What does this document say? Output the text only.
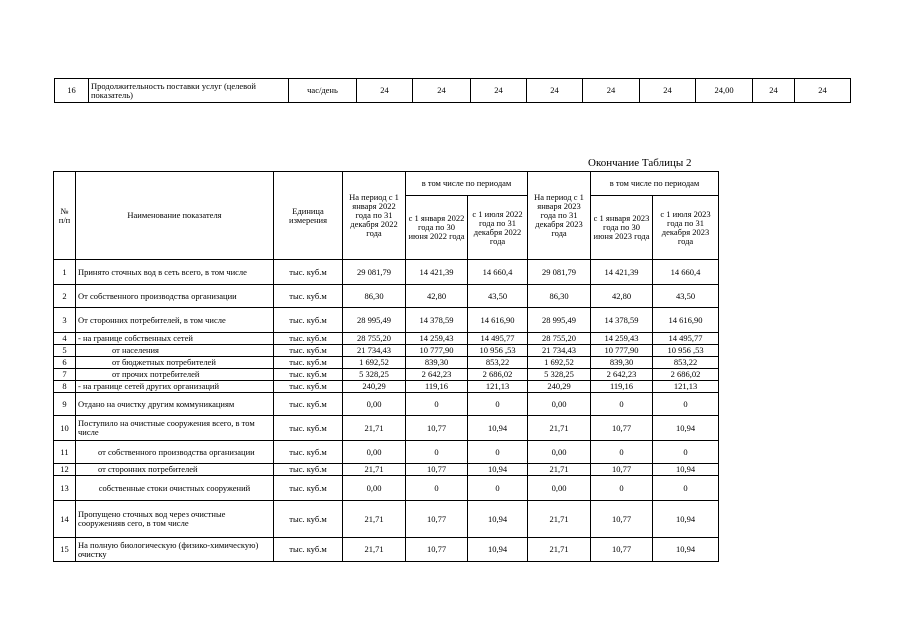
16	Продолжительность поставки услуг (целевой показатель)	час/день	24	24	24	24	24	24	24,00	24	24
Окончание Таблицы 2
№ п/п	Наименование показателя	Единица измерения	На период с 1 января 2022 года по 31 декабря 2022 года	в том числе по периодам		На период с 1 января 2023 года по 31 декабря 2023 года	в том числе по периодам	
				с 1 января 2022 года по 30 июня 2022 года	с 1 июля 2022 года по 31 декабря 2022 года		с 1 января 2023 года по 30 июня 2023 года	с 1 июля 2023 года по 31 декабря 2023 года
1	Принято сточных вод в сеть всего, в том числе	тыс. куб.м	29 081,79	14 421,39	14 660,4	29 081,79	14 421,39	14 660,4
2	От собственного производства организации	тыс. куб.м	86,30	42,80	43,50	86,30	42,80	43,50
3	От сторонних потребителей, в том числе	тыс. куб.м	28 995,49	14 378,59	14 616,90	28 995,49	14 378,59	14 616,90
4	- на границе собственных сетей	тыс. куб.м	28 755,20	14 259,43	14 495,77	28 755,20	14 259,43	14 495,77
5	от населения	тыс. куб.м	21 734,43	10 777,90	10 956 ,53	21 734,43	10 777,90	10 956 ,53
6	от бюджетных потребителей	тыс. куб.м	1 692,52	839,30	853,22	1 692,52	839,30	853,22
7	от прочих потребителей	тыс. куб.м	5 328,25	2 642,23	2 686,02	5 328,25	2 642,23	2 686,02
8	- на границе сетей других организаций	тыс. куб.м	240,29	119,16	121,13	240,29	119,16	121,13
9	Отдано на очистку другим коммуникациям	тыс. куб.м	0,00	0	0	0,00	0	0
10	Поступило на очистные сооружения всего, в том числе	тыс. куб.м	21,71	10,77	10,94	21,71	10,77	10,94
11	от собственного производства организации	тыс. куб.м	0,00	0	0	0,00	0	0
12	от сторонних потребителей	тыс. куб.м	21,71	10,77	10,94	21,71	10,77	10,94
13	собственные стоки очистных сооружений	тыс. куб.м	0,00	0	0	0,00	0	0
14	Пропущено сточных вод через очистные сооруженияв сего, в том числе	тыс. куб.м	21,71	10,77	10,94	21,71	10,77	10,94
15	На полную биологическую (физико-химическую) очистку	тыс. куб.м	21,71	10,77	10,94	21,71	10,77	10,94
